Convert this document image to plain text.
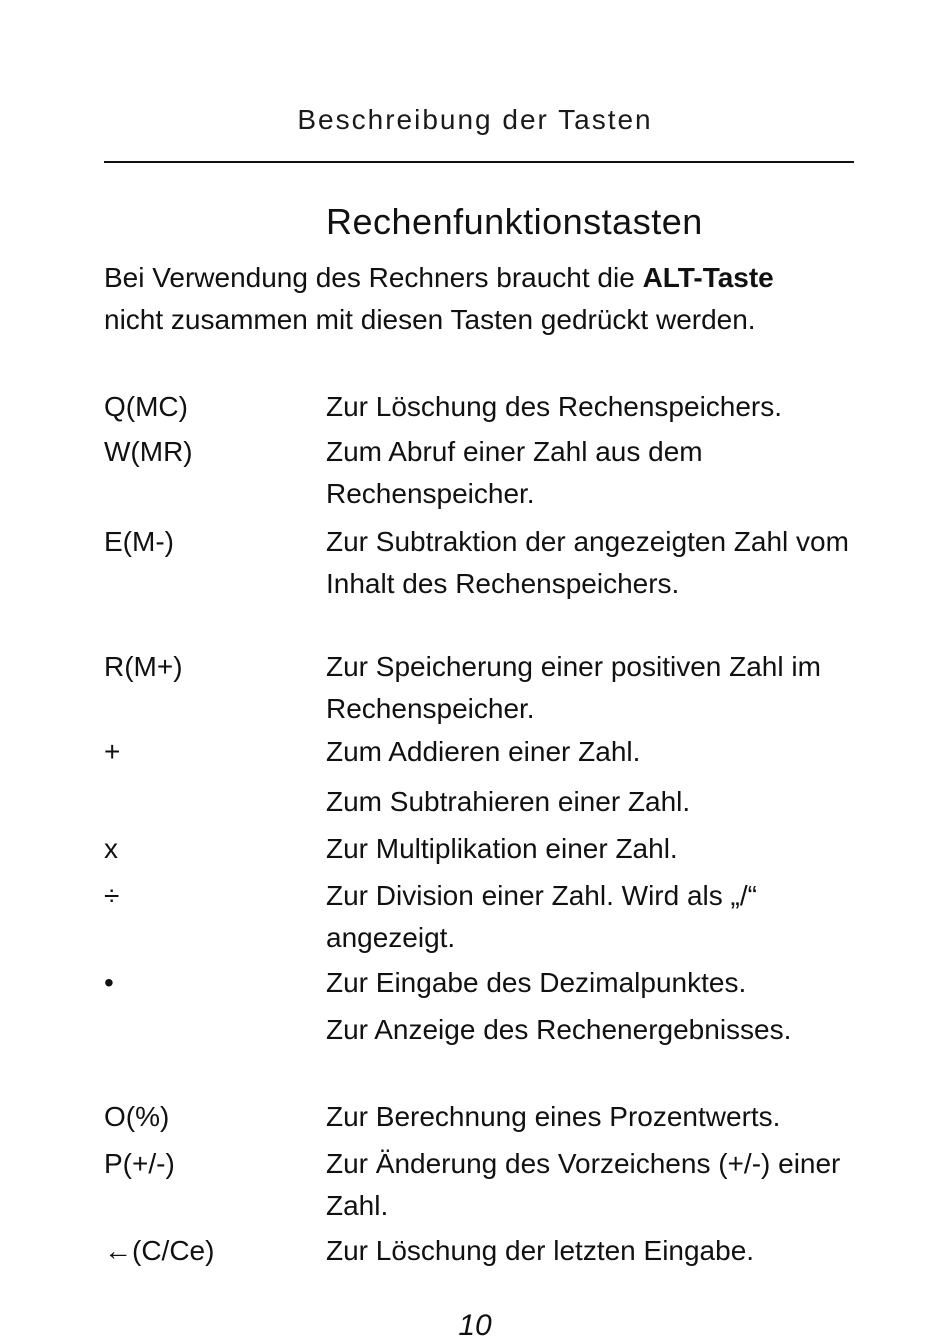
Beschreibung der Tasten
Rechenfunktionstasten
Bei Verwendung des Rechners braucht die ALT-Taste nicht zusammen mit diesen Tasten gedrückt werden.
Q(MC)	Zur Löschung des Rechenspeichers.
W(MR)	Zum Abruf einer Zahl aus dem Rechenspeicher.
E(M-)	Zur Subtraktion der angezeigten Zahl vom Inhalt des Rechenspeichers.
R(M+)	Zur Speicherung einer positiven Zahl im Rechenspeicher.
+	Zum Addieren einer Zahl.
Zum Subtrahieren einer Zahl.
x	Zur Multiplikation einer Zahl.
÷	Zur Division einer Zahl. Wird als „/“ angezeigt.
•	Zur Eingabe des Dezimalpunktes.
Zur Anzeige des Rechenergebnisses.
O(%)	Zur Berechnung eines Prozentwerts.
P(+/-)	Zur Änderung des Vorzeichens (+/-) einer Zahl.
←(C/Ce)	Zur Löschung der letzten Eingabe.
10
